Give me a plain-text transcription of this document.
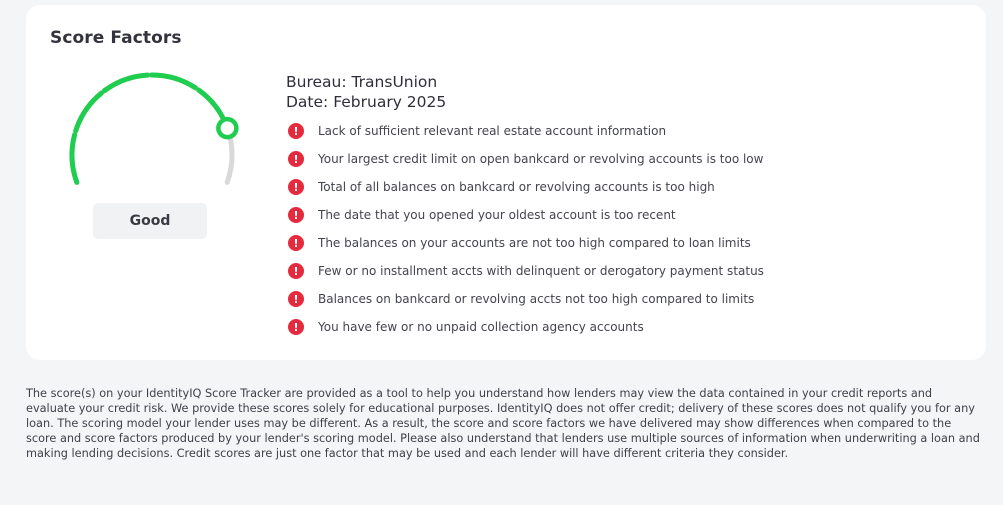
Score Factors
Good
Bureau: TransUnion
Date: February 2025
!	Lack of sufficient relevant real estate account information
!	Your largest credit limit on open bankcard or revolving accounts is too low
!	Total of all balances on bankcard or revolving accounts is too high
!	The date that you opened your oldest account is too recent
!	The balances on your accounts are not too high compared to loan limits
!	Few or no installment accts with delinquent or derogatory payment status
!	Balances on bankcard or revolving accts not too high compared to limits
!	You have few or no unpaid collection agency accounts

The score(s) on your IdentityIQ Score Tracker are provided as a tool to help you understand how lenders may view the data contained in your credit reports and evaluate your credit risk. We provide these scores solely for educational purposes. IdentityIQ does not offer credit; delivery of these scores does not qualify you for any loan. The scoring model your lender uses may be different. As a result, the score and score factors we have delivered may show differences when compared to the score and score factors produced by your lender's scoring model. Please also understand that lenders use multiple sources of information when underwriting a loan and making lending decisions. Credit scores are just one factor that may be used and each lender will have different criteria they consider.
